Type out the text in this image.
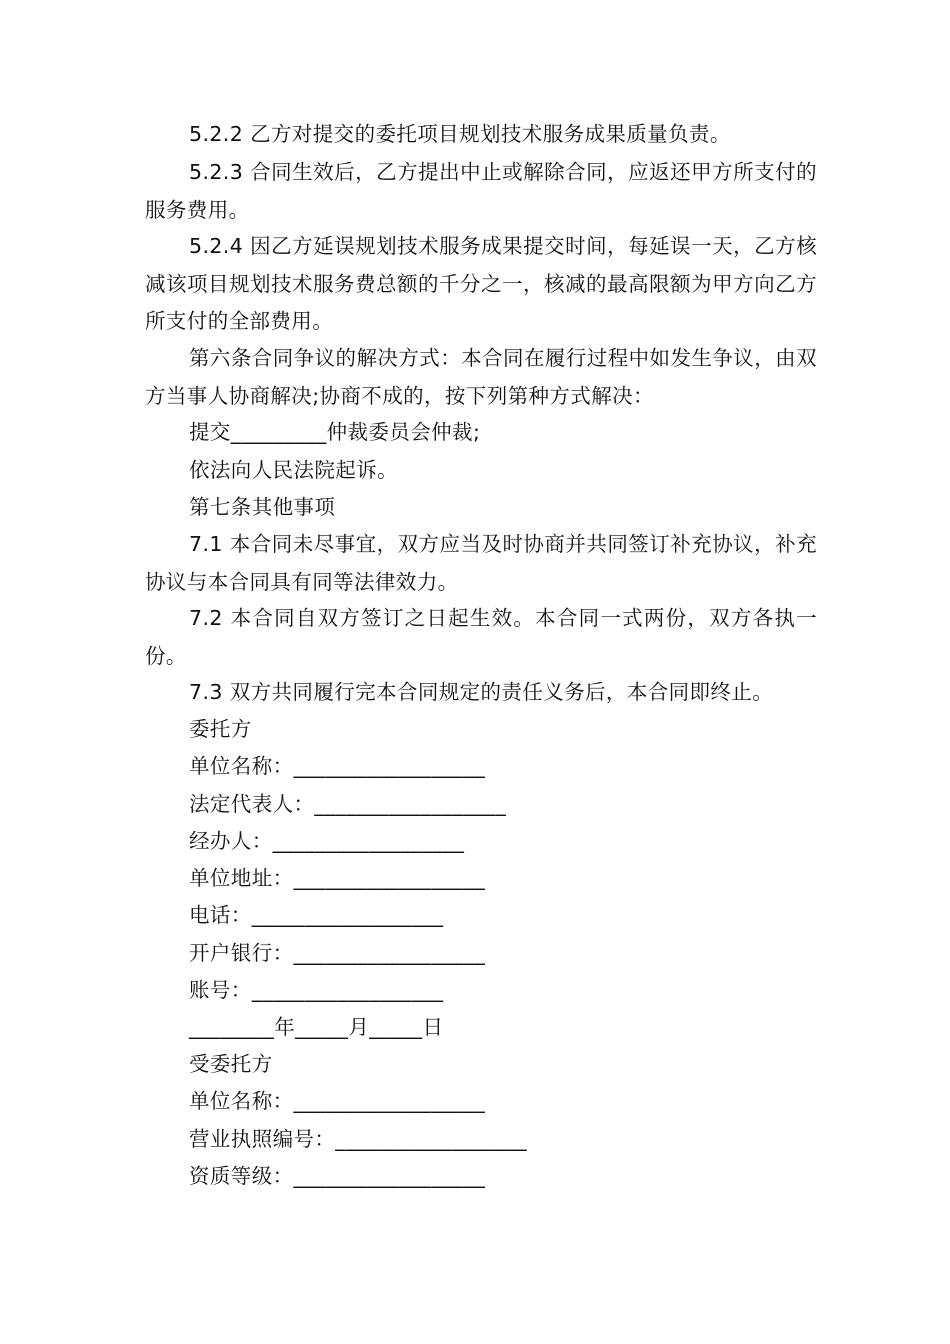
5.2.2 乙方对提交的委托项目规划技术服务成果质量负责。
5.2.3 合同生效后，乙方提出中止或解除合同，应返还甲方所支付的服务费用。
5.2.4 因乙方延误规划技术服务成果提交时间，每延误一天，乙方核减该项目规划技术服务费总额的千分之一，核减的最高限额为甲方向乙方所支付的全部费用。
第六条合同争议的解决方式：本合同在履行过程中如发生争议，由双方当事人协商解决;协商不成的，按下列第种方式解决：
提交_________仲裁委员会仲裁;
依法向人民法院起诉。
第七条其他事项
7.1 本合同未尽事宜，双方应当及时协商并共同签订补充协议，补充协议与本合同具有同等法律效力。
7.2 本合同自双方签订之日起生效。本合同一式两份，双方各执一份。
7.3 双方共同履行完本合同规定的责任义务后，本合同即终止。
委托方
单位名称：__________________
法定代表人：__________________
经办人：__________________
单位地址：__________________
电话：__________________
开户银行：__________________
账号：__________________
________年_____月_____日
受委托方
单位名称：__________________
营业执照编号：__________________
资质等级：__________________
